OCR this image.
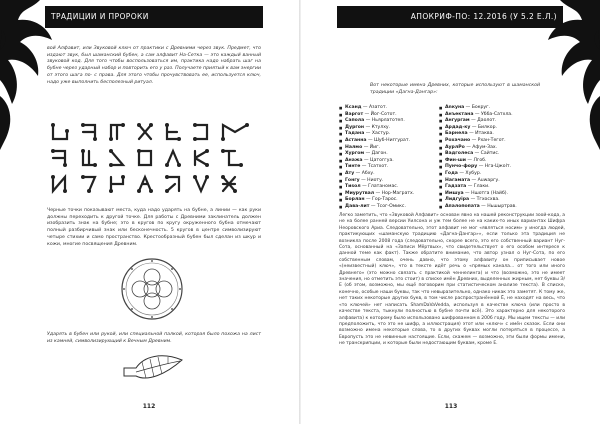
ТРАДИЦИИ И ПРОРОКИ

вой Алфавит, или Звуковой ключ от практики с Древними через звук. Предмет, что издают звук, был шаманский бубен, а сам алфавит На-Сетка — это каждый ванный звуковой код. Для того чтобы воспользоваться им, практика надо набрать шаг на бубне через ударный набор и повторить его у раз. Получаете приятый к вам энергии от этого шага по- с права. Для этого чтобы прочувствовать ее, используется ключ, надо уже выполнить бесполезный ритуал.

Черные точки показывают места, куда надо ударять на бубне, а линии — как руки должны переходить к другой точке. Для работы с Древними заклинатель должен изобразить знак на бубне; это в кругов по кругу окруженного бубна отмечают полный разбирчивый знак или бесконечность. 5 кругов в центре символизируют четыре стихии и само пространство. Крестообразный бубен был сделан из шкур и кожи, многие посвящения Древним.

Ударять в бубен или рукой, или специальной палкой, которая было похожа на лист из камней, символизирующий к Вечным Древним.

112
АПОКРИФ-ПО: 12.2016 (У 5.2 Е.Л.)

Вот некоторые имена Древних, которые используют в шаманской традиции «Дагна-Дангар»:

■ Ксанд — Азатот.
■ Варгот — Йог-Сотот.
■ Сапола — Ньярлатотеп.
■ Дургон — Ктулху.
■ Тадана — Хастур.
■ Астанна — Шуб-Ниггурат.
■ Налмо — Йиг.
■ Хургом — Дагон.
■ Анажа — Цатоггуа.
■ Тинте — Тсатхот.
■ Ату — Абху.
■ Гонгу — Ниоту.
■ Тиsол — Глатаномас.
■ Миурутвал — Нор-Магратх.
■ Борлан — Гор-Тарос.
■ Дава-лит — Тсог-Омикс.
■ Аnкуна — Бокруг.
■ Анъектана — Убба-Сатхла.
■ Ангургам — Даолот.
■ Ардад-ку — Билкор.
■ Барнела — Итаква.
■ Рохачано — Рхан-Тегот.
■ АурлРо — Афум-Зах.
■ Вадголеса — Сайтиc.
■ Фин-ши — Лгоб.
■ Пунчо-фору — Нга-Цжоlт.
■ Года — Хубур.
■ Нагамата — Аuwаргу.
■ Гадзата — Глаки.
■ Имшуа — Ншотга (Найб).
■ Лидгуiра — Тгхосхва.
■ Апалопопата — Ньшыртрав.

Легко заметить, что «Звуковой Алфавит» основан явно на нашей реконструкции зоой-кода, а не на более ранней версии Уилсона и уж тем более не на каких-то иных вариантах Шифра Неоровского Ариа. Следовательно, этот алфавит не мог «являться носим» у иногда людей, практикующих «шаманскую традицию «Дагна-Дангар»», если только эта традиция не возникла после 2008 года (следовательно, скорее всего, это его собственный вариант Нуг-Сота, основанный на «Записи Мёртвых», что свидетельствует о его особом интересе к данной теме как факт). Также обратите внимание, что автор узнал о Нуг-Сотa, по его собственным словам, очень давно, что этому алфавиту он приписывает новое «(неизвестный) ключ», что в тексте идёт речь о «прямых канала... от того или иного Древнего» (это можно связать с практикой ченнелинга) и что (возможно, это не имеет значения, но отметить это стоит) в списке имён Древних, выделенных жирным, нет буквы Э/Е (об этом, возможно, мы ещё поговорим при статистическом анализе текста). В списке, конечно, особые наши буквы, так что невыразительно, однако никак это заметят. К тому же, нет таких некоторые других букв, в том числе распространённой Ё, не находят на весь, что «то ключей» нет написать ShamDaVaVedda, используя в качестве ключа (или просто в качестве текста, тыкнули полностью в бубне почти всё). Это характерно для некоторого алфавита) к которому было использовано шифрованном в 2006 году. Мы ищем тексты — или предположить, что это не шифр, а иллюстрация) этот или «ключ» с имён сказок. Если они возможно имена некоторые слова, то в других буквах могли потеряться в процессе, а Европусть это не невинные настоящие. Если, скажем — возможно, эти были формы имени, не транскрипции, и которые были недостающим буквам, кроме Е.

113
